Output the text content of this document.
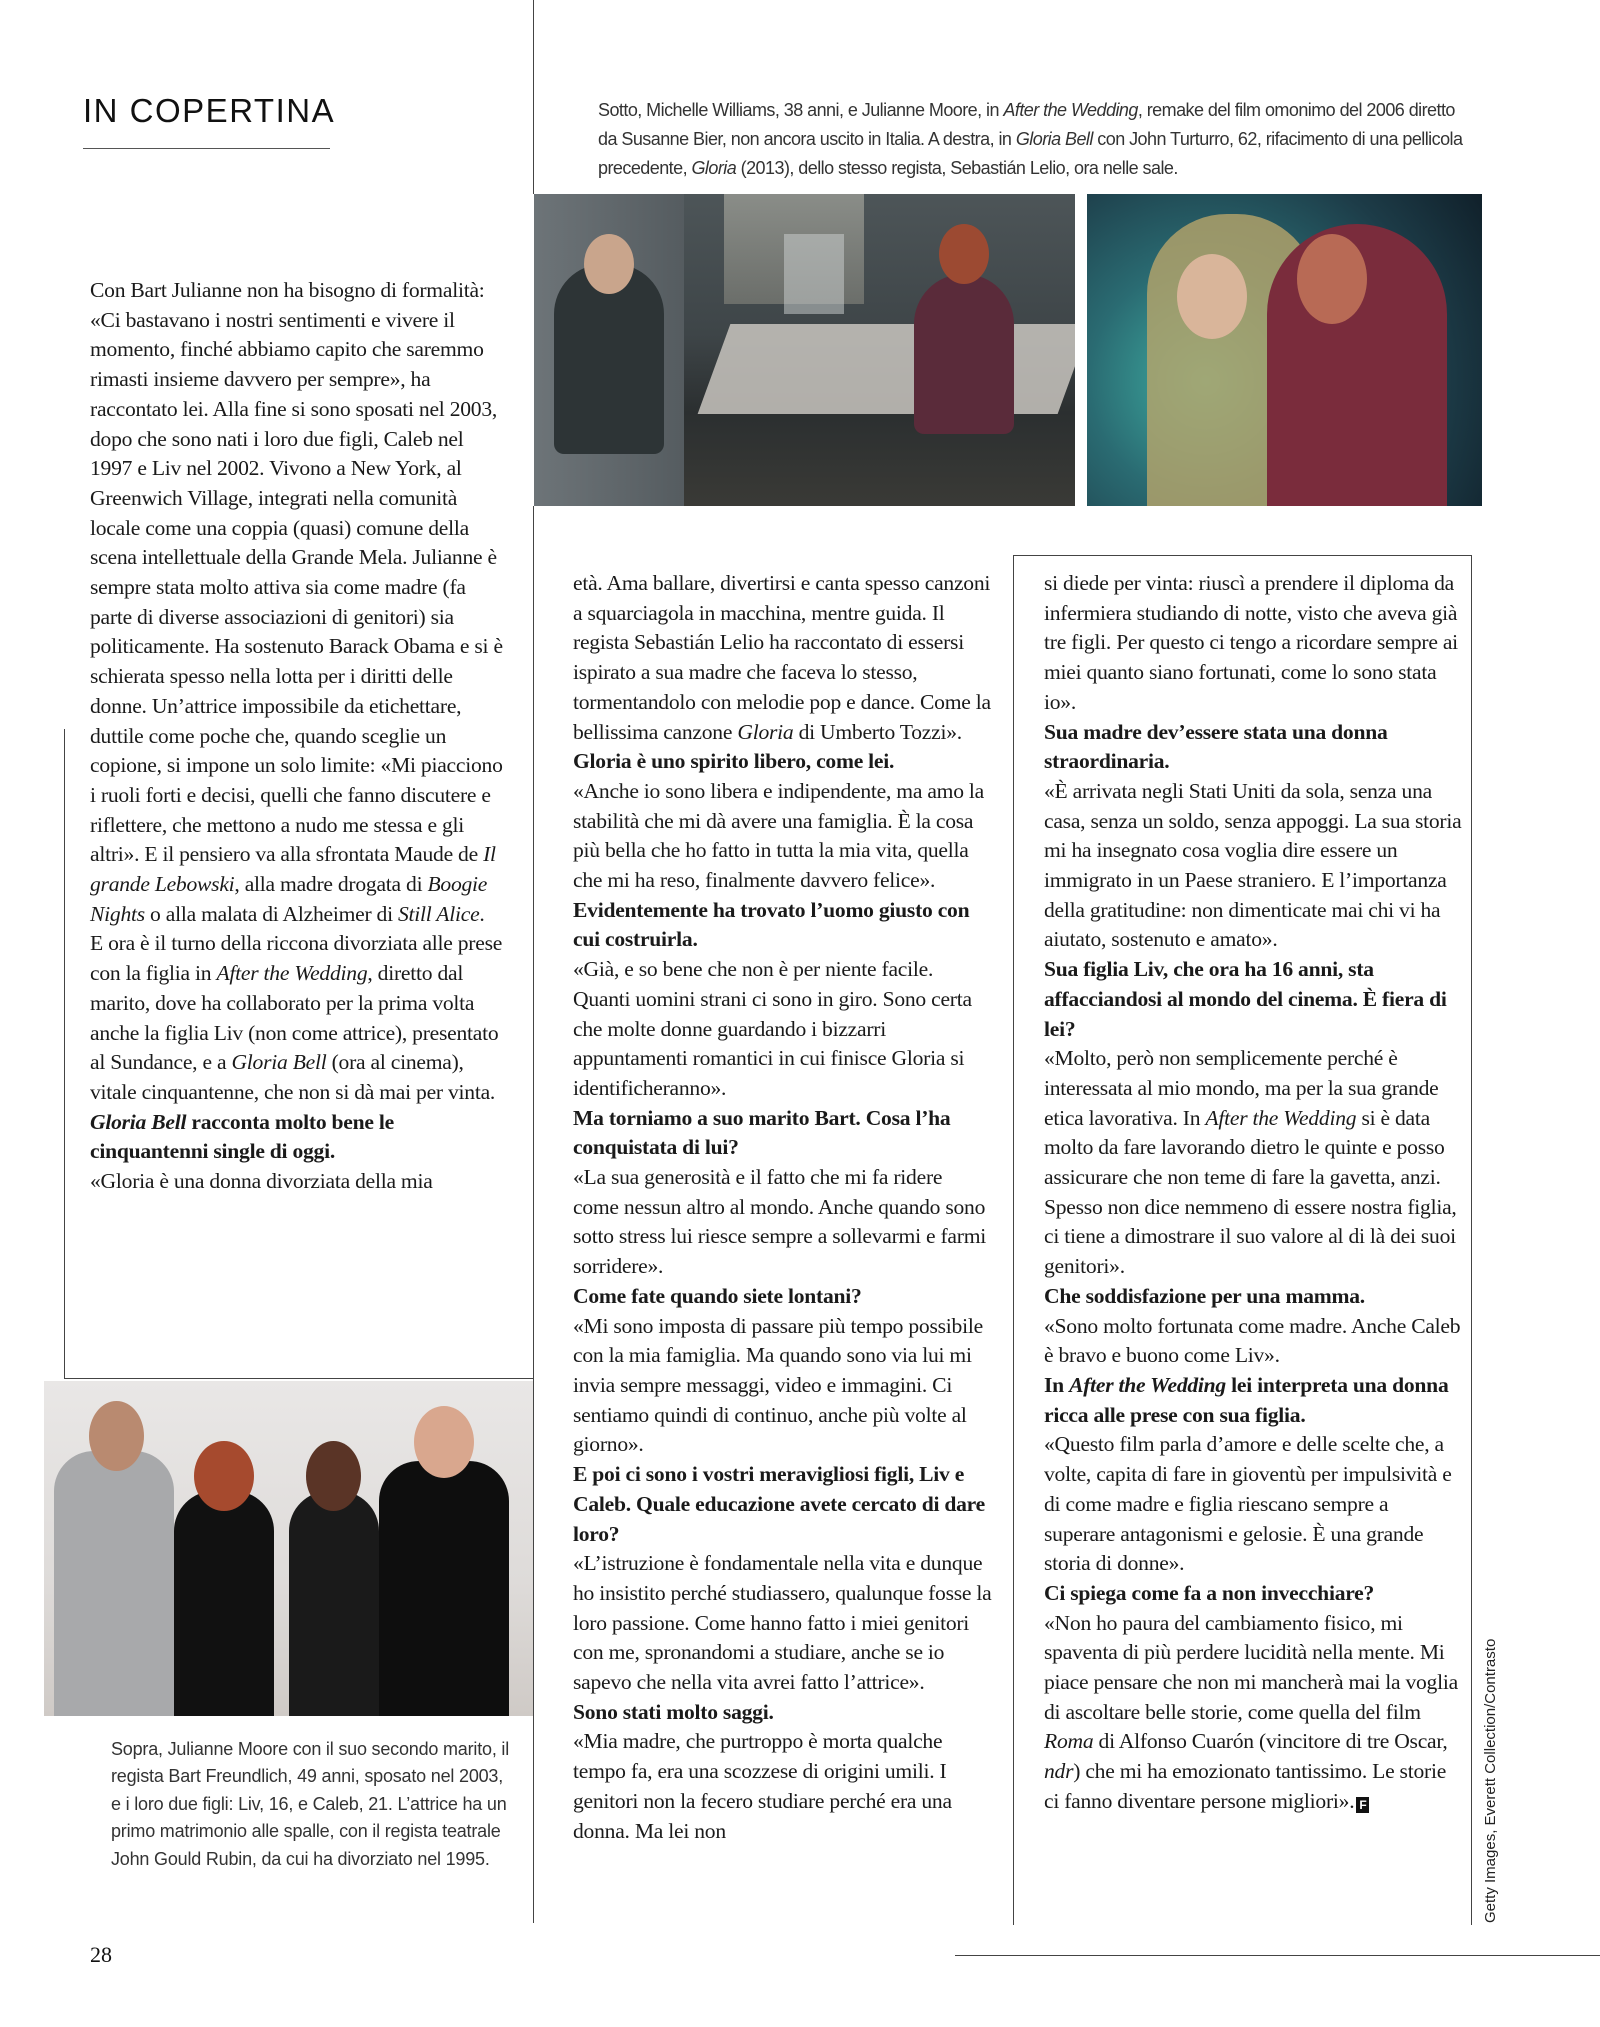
IN COPERTINA	Sotto, Michelle Williams, 38 anni, e Julianne Moore, in After the Wedding, remake del film omonimo del 2006 diretto da Susanne Bier, non ancora uscito in Italia. A destra, in Gloria Bell con John Turturro, 62, rifacimento di una pellicola precedente, Gloria (2013), dello stesso regista, Sebastián Lelio, ora nelle sale.
Sopra, Julianne Moore con il suo secondo marito, il regista Bart Freundlich, 49 anni, sposato nel 2003, e i loro due figli: Liv, 16, e Caleb, 21. L’attrice ha un primo matrimonio alle spalle, con il regista teatrale John Gould Rubin, da cui ha divorziato nel 1995.

Con Bart Julianne non ha bisogno di formalità: «Ci bastavano i nostri sentimenti e vivere il momento, finché abbiamo capito che saremmo rimasti insieme davvero per sempre», ha raccontato lei. Alla fine si sono sposati nel 2003, dopo che sono nati i loro due figli, Caleb nel 1997 e Liv nel 2002. Vivono a New York, al Greenwich Village, integrati nella comunità locale come una coppia (quasi) comune della scena intellettuale della Grande Mela. Julianne è sempre stata molto attiva sia come madre (fa parte di diverse associazioni di genitori) sia politicamente. Ha sostenuto Barack Obama e si è schierata spesso nella lotta per i diritti delle donne. Un’attrice impossibile da etichettare, duttile come poche che, quando sceglie un copione, si impone un solo limite: «Mi piacciono i ruoli forti e decisi, quelli che fanno discutere e riflettere, che mettono a nudo me stessa e gli altri». E il pensiero va alla sfrontata Maude de Il grande Lebowski, alla madre drogata di Boogie Nights o alla malata di Alzheimer di Still Alice.

E ora è il turno della riccona divorziata alle prese con la figlia in After the Wedding, diretto dal marito, dove ha collaborato per la prima volta anche la figlia Liv (non come attrice), presentato al Sundance, e a Gloria Bell (ora al cinema), vitale cinquantenne, che non si dà mai per vinta.

Gloria Bell racconta molto bene le cinquantenni single di oggi.

«Gloria è una donna divorziata della mia

età. Ama ballare, divertirsi e canta spesso canzoni a squarciagola in macchina, mentre guida. Il regista Sebastián Lelio ha raccontato di essersi ispirato a sua madre che faceva lo stesso, tormentandolo con melodie pop e dance. Come la bellissima canzone Gloria di Umberto Tozzi».

Gloria è uno spirito libero, come lei.

«Anche io sono libera e indipendente, ma amo la stabilità che mi dà avere una famiglia. È la cosa più bella che ho fatto in tutta la mia vita, quella che mi ha reso, finalmente davvero felice».

Evidentemente ha trovato l’uomo giusto con cui costruirla.

«Già, e so bene che non è per niente facile. Quanti uomini strani ci sono in giro. Sono certa che molte donne guardando i bizzarri appuntamenti romantici in cui finisce Gloria si identificheranno».

Ma torniamo a suo marito Bart. Cosa l’ha conquistata di lui?

«La sua generosità e il fatto che mi fa ridere come nessun altro al mondo. Anche quando sono sotto stress lui riesce sempre a sollevarmi e farmi sorridere».

Come fate quando siete lontani?

«Mi sono imposta di passare più tempo possibile con la mia famiglia. Ma quando sono via lui mi invia sempre messaggi, video e immagini. Ci sentiamo quindi di continuo, anche più volte al giorno».

E poi ci sono i vostri meravigliosi figli, Liv e Caleb. Quale educazione avete cercato di dare loro?

«L’istruzione è fondamentale nella vita e dunque ho insistito perché studiassero, qualunque fosse la loro passione. Come hanno fatto i miei genitori con me, spronandomi a studiare, anche se io sapevo che nella vita avrei fatto l’attrice».

Sono stati molto saggi.

«Mia madre, che purtroppo è morta qualche tempo fa, era una scozzese di origini umili. I genitori non la fecero studiare perché era una donna. Ma lei non

si diede per vinta: riuscì a prendere il diploma da infermiera studiando di notte, visto che aveva già tre figli. Per questo ci tengo a ricordare sempre ai miei quanto siano fortunati, come lo sono stata io».

Sua madre dev’essere stata una donna straordinaria.

«È arrivata negli Stati Uniti da sola, senza una casa, senza un soldo, senza appoggi. La sua storia mi ha insegnato cosa voglia dire essere un immigrato in un Paese straniero. E l’importanza della gratitudine: non dimenticate mai chi vi ha aiutato, sostenuto e amato».

Sua figlia Liv, che ora ha 16 anni, sta affacciandosi al mondo del cinema. È fiera di lei?

«Molto, però non semplicemente perché è interessata al mio mondo, ma per la sua grande etica lavorativa. In After the Wedding si è data molto da fare lavorando dietro le quinte e posso assicurare che non teme di fare la gavetta, anzi. Spesso non dice nemmeno di essere nostra figlia, ci tiene a dimostrare il suo valore al di là dei suoi genitori».

Che soddisfazione per una mamma.

«Sono molto fortunata come madre. Anche Caleb è bravo e buono come Liv».

In After the Wedding lei interpreta una donna ricca alle prese con sua figlia.

«Questo film parla d’amore e delle scelte che, a volte, capita di fare in gioventù per impulsività e di come madre e figlia riescano sempre a superare antagonismi e gelosie. È una grande storia di donne».

Ci spiega come fa a non invecchiare?

«Non ho paura del cambiamento fisico, mi spaventa di più perdere lucidità nella mente. Mi piace pensare che non mi mancherà mai la voglia di ascoltare belle storie, come quella del film Roma di Alfonso Cuarón (vincitore di tre Oscar, ndr) che mi ha emozionato tantissimo. Le storie ci fanno diventare persone migliori». F	Getty Images, Everett Collection/Contrasto
28
